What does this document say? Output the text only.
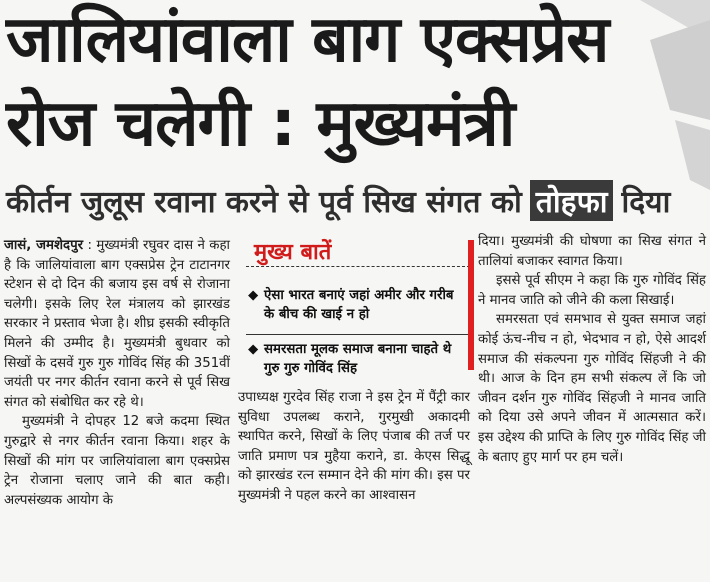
जालियांवाला बाग एक्सप्रेस
रोज चलेगी : मुख्यमंत्री
कीर्तन जुलूस रवाना करने से पूर्व सिख संगत को तोहफा दिया

जासं, जमशेदपुर : मुख्यमंत्री रघुवर दास ने कहा है कि जालियांवाला बाग एक्सप्रेस ट्रेन टाटानगर स्टेशन से दो दिन की बजाय इस वर्ष से रोजाना चलेगी। इसके लिए रेल मंत्रालय को झारखंड सरकार ने प्रस्ताव भेजा है। शीघ्र इसकी स्वीकृति मिलने की उम्मीद है। मुख्यमंत्री बुधवार को सिखों के दसवें गुरु गुरु गोविंद सिंह की 351वीं जयंती पर नगर कीर्तन रवाना करने से पूर्व सिख संगत को संबोधित कर रहे थे।

मुख्यमंत्री ने दोपहर 12 बजे कदमा स्थित गुरुद्वारे से नगर कीर्तन रवाना किया। शहर के सिखों की मांग पर जालियांवाला बाग एक्सप्रेस ट्रेन रोजाना चलाए जाने की बात कही। अल्पसंख्यक आयोग के

मुख्य बातें
◆ ऐसा भारत बनाएं जहां अमीर और गरीब के बीच की खाई न हो
◆ समरसता मूलक समाज बनाना चाहते थे गुरु गुरु गोविंद सिंह

उपाध्यक्ष गुरदेव सिंह राजा ने इस ट्रेन में पैंट्री कार सुविधा उपलब्ध कराने, गुरमुखी अकादमी स्थापित करने, सिखों के लिए पंजाब की तर्ज पर जाति प्रमाण पत्र मुहैया कराने, डा. केएस सिद्धू को झारखंड रत्न सम्मान देने की मांग की। इस पर मुख्यमंत्री ने पहल करने का आश्वासन

दिया। मुख्यमंत्री की घोषणा का सिख संगत ने तालियां बजाकर स्वागत किया।

इससे पूर्व सीएम ने कहा कि गुरु गोविंद सिंह ने मानव जाति को जीने की कला सिखाई।

समरसता एवं समभाव से युक्त समाज जहां कोई ऊंच-नीच न हो, भेदभाव न हो, ऐसे आदर्श समाज की संकल्पना गुरु गोविंद सिंहजी ने की थी। आज के दिन हम सभी संकल्प लें कि जो जीवन दर्शन गुरु गोविंद सिंहजी ने मानव जाति को दिया उसे अपने जीवन में आत्मसात करें। इस उद्देश्य की प्राप्ति के लिए गुरु गोविंद सिंह जी के बताए हुए मार्ग पर हम चलें।
